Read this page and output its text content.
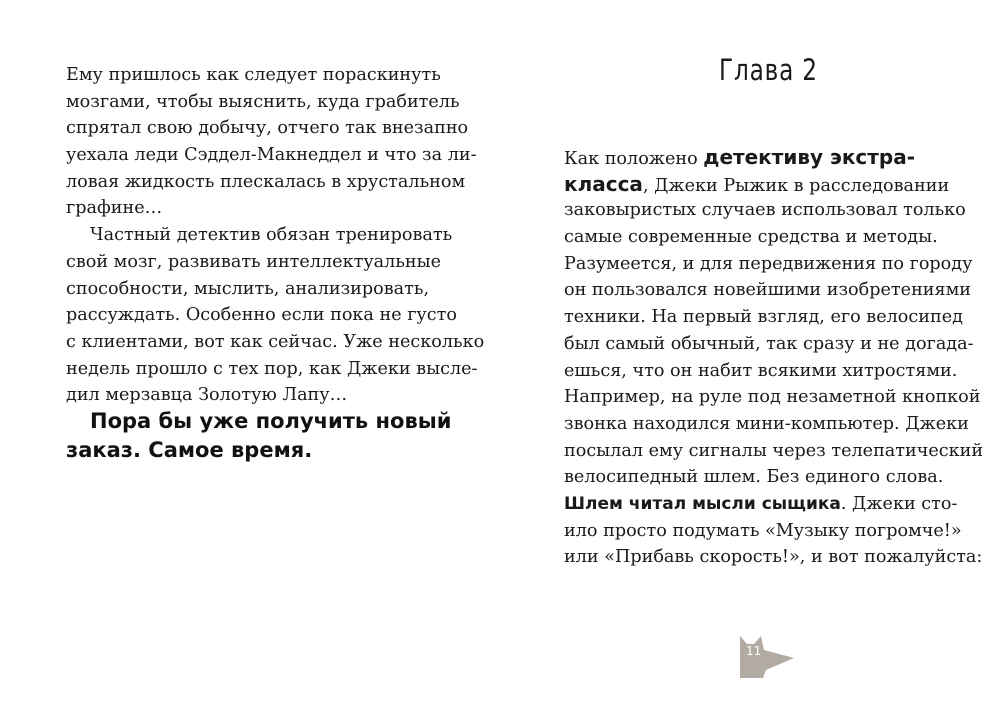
Ему пришлось как следует пораскинуть
мозгами, чтобы выяснить, куда грабитель
спрятал свою добычу, отчего так внезапно
уехала леди Сэддел-Макнеддел и что за ли-
ловая жидкость плескалась в хрустальном
графине…
Частный детектив обязан тренировать
свой мозг, развивать интеллектуальные
способности, мыслить, анализировать,
рассуждать. Особенно если пока не густо
с клиентами, вот как сейчас. Уже несколько
недель прошло с тех пор, как Джеки высле-
дил мерзавца Золотую Лапу…
Пора бы уже получить новый
заказ. Самое время.
Глава 2
Как положено детективу экстра-
класса, Джеки Рыжик в расследовании
заковыристых случаев использовал только
самые современные средства и методы.
Разумеется, и для передвижения по городу
он пользовался новейшими изобретениями
техники. На первый взгляд, его велосипед
был самый обычный, так сразу и не догада-
ешься, что он набит всякими хитростями.
Например, на руле под незаметной кнопкой
звонка находился мини-компьютер. Джеки
посылал ему сигналы через телепатический
велосипедный шлем. Без единого слова.
Шлем читал мысли сыщика. Джеки сто-
ило просто подумать «Музыку погромче!»
или «Прибавь скорость!», и вот пожалуйста:
11
